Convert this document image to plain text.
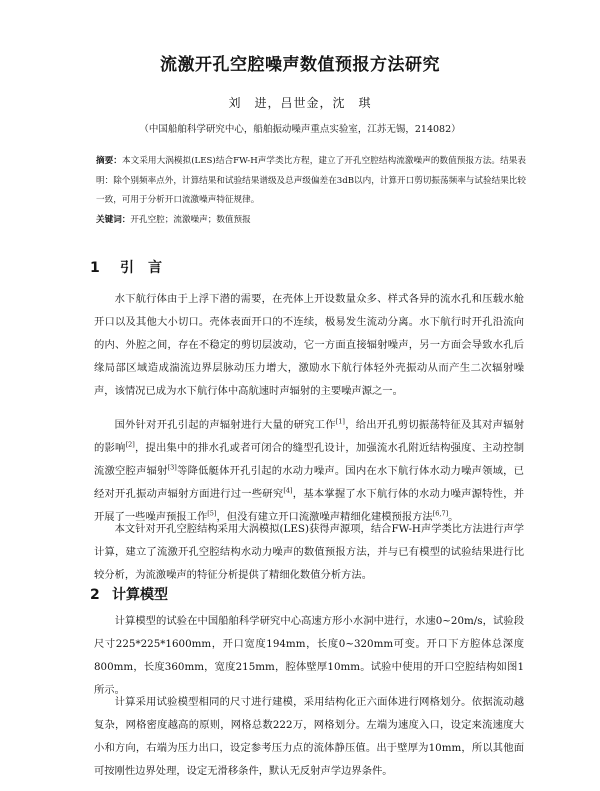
流激开孔空腔噪声数值预报方法研究
刘　进，吕世金，沈　琪
（中国船舶科学研究中心，船舶振动噪声重点实验室，江苏无锡，214082）
摘要：本文采用大涡模拟(LES)结合FW-H声学类比方程，建立了开孔空腔结构流激噪声的数值预报方法。结果表明：除个别频率点外，计算结果和试验结果谱级及总声级偏差在3dB以内，计算开口剪切振荡频率与试验结果比较一致，可用于分析开口流激噪声特征规律。
关键词：开孔空腔；流激噪声；数值预报
1 引言

水下航行体由于上浮下潜的需要，在壳体上开设数量众多、样式各异的流水孔和压载水舱开口以及其他大小切口。壳体表面开口的不连续，极易发生流动分离。水下航行时开孔沿流向的内、外腔之间，存在不稳定的剪切层波动，它一方面直接辐射噪声，另一方面会导致水孔后缘局部区域造成湍流边界层脉动压力增大，激励水下航行体轻外壳振动从而产生二次辐射噪声，该情况已成为水下航行体中高航速时声辐射的主要噪声源之一。

国外针对开孔引起的声辐射进行大量的研究工作[1]，给出开孔剪切振荡特征及其对声辐射的影响[2]，提出集中的排水孔或者可闭合的缝型孔设计，加强流水孔附近结构强度、主动控制流激空腔声辐射[3]等降低艇体开孔引起的水动力噪声。国内在水下航行体水动力噪声领域，已经对开孔振动声辐射方面进行过一些研究[4]，基本掌握了水下航行体的水动力噪声源特性，并开展了一些噪声预报工作[5]，但没有建立开口流激噪声精细化建模预报方法[6,7]。

本文针对开孔空腔结构采用大涡模拟(LES)获得声源项，结合FW-H声学类比方法进行声学计算，建立了流激开孔空腔结构水动力噪声的数值预报方法，并与已有模型的试验结果进行比较分析，为流激噪声的特征分析提供了精细化数值分析方法。

2 计算模型

计算模型的试验在中国船舶科学研究中心高速方形小水洞中进行，水速0~20m/s，试验段尺寸225*225*1600mm，开口宽度194mm，长度0~320mm可变。开口下方腔体总深度800mm，长度360mm，宽度215mm，腔体壁厚10mm。试验中使用的开口空腔结构如图1所示。

计算采用试验模型相同的尺寸进行建模，采用结构化正六面体进行网格划分。依据流动越复杂，网格密度越高的原则，网格总数222万，网格划分。左端为速度入口，设定来流速度大小和方向，右端为压力出口，设定参考压力点的流体静压值。出于壁厚为10mm，所以其他面可按刚性边界处理，设定无滑移条件，默认无反射声学边界条件。
